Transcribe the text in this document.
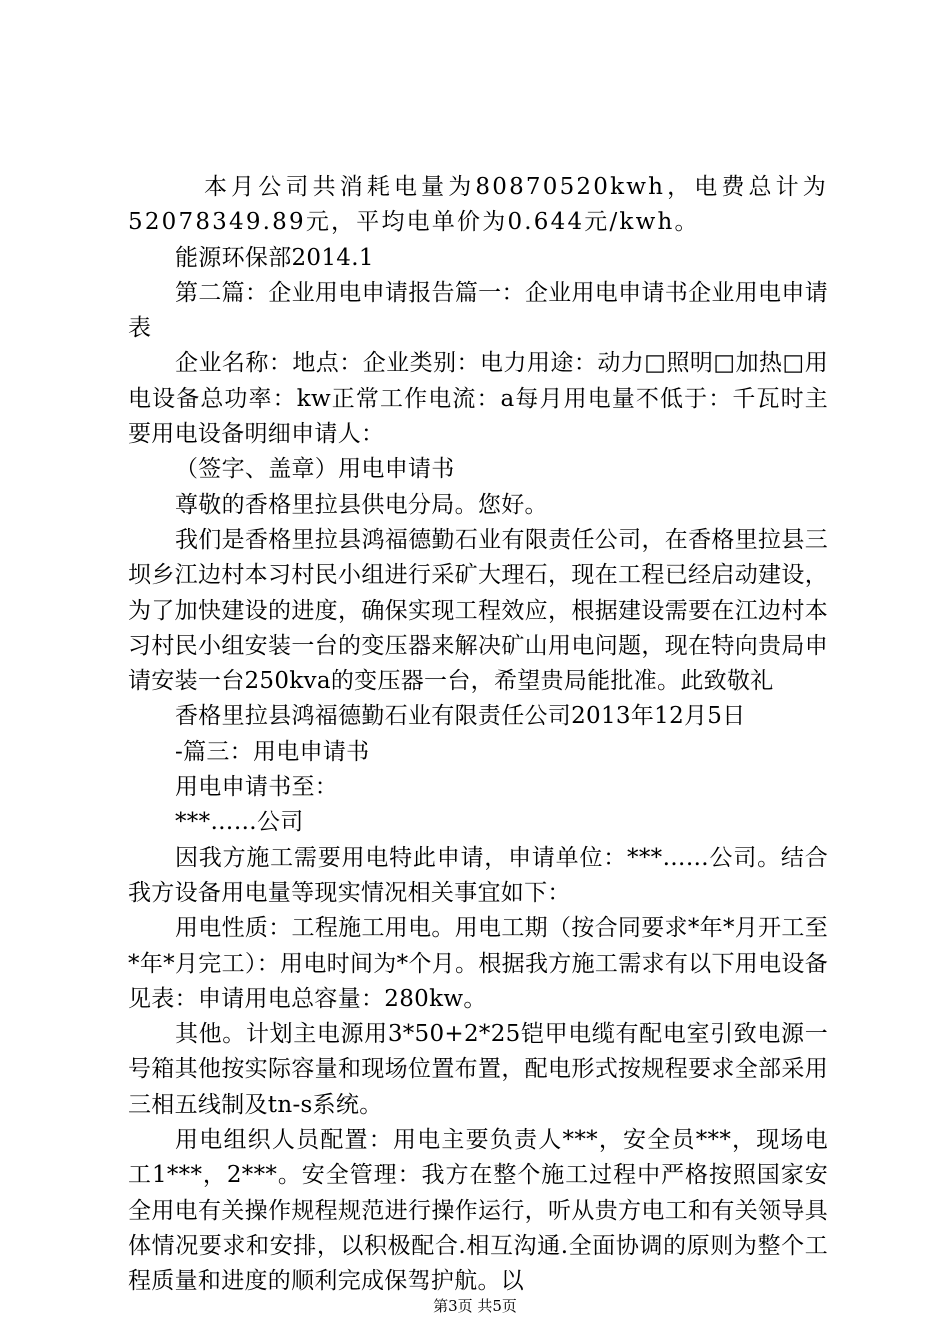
本月公司共消耗电量为80870520kwh，电费总计为52078349.89元，平均电单价为0.644元/kwh。

能源环保部2014.1

第二篇：企业用电申请报告篇一：企业用电申请书企业用电申请表

企业名称：地点：企业类别：电力用途：动力□照明□加热□用电设备总功率：kw正常工作电流：a每月用电量不低于：千瓦时主要用电设备明细申请人：

（签字、盖章）用电申请书

尊敬的香格里拉县供电分局。您好。

我们是香格里拉县鸿福德勤石业有限责任公司，在香格里拉县三坝乡江边村本习村民小组进行采矿大理石，现在工程已经启动建设，为了加快建设的进度，确保实现工程效应，根据建设需要在江边村本习村民小组安装一台的变压器来解决矿山用电问题，现在特向贵局申请安装一台250kva的变压器一台，希望贵局能批准。此致敬礼

香格里拉县鸿福德勤石业有限责任公司2013年12月5日

-篇三：用电申请书

用电申请书至：

***……公司

因我方施工需要用电特此申请，申请单位：***……公司。结合我方设备用电量等现实情况相关事宜如下：

用电性质：工程施工用电。用电工期（按合同要求*年*月开工至*年*月完工）：用电时间为*个月。根据我方施工需求有以下用电设备见表：申请用电总容量：280kw。

其他。计划主电源用3*50+2*25铠甲电缆有配电室引致电源一号箱其他按实际容量和现场位置布置，配电形式按规程要求全部采用三相五线制及tn-s系统。

用电组织人员配置：用电主要负责人***，安全员***，现场电工1***，2***。安全管理：我方在整个施工过程中严格按照国家安全用电有关操作规程规范进行操作运行，听从贵方电工和有关领导具体情况要求和安排，以积极配合.相互沟通.全面协调的原则为整个工程质量和进度的顺利完成保驾护航。以

第3页 共5页
